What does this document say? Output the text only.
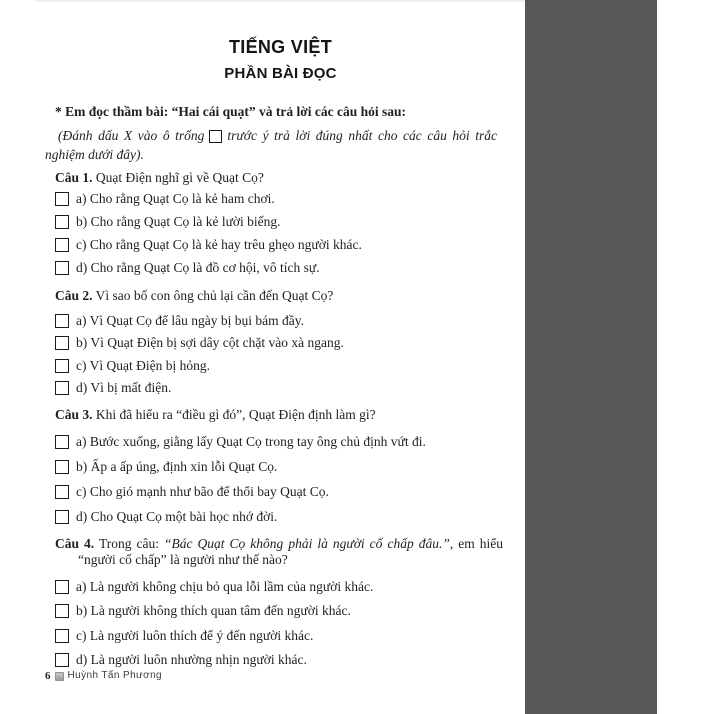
TIẾNG VIỆT
PHẦN BÀI ĐỌC
* Em đọc thầm bài: “Hai cái quạt” và trả lời các câu hỏi sau:
(Đánh dấu X vào ô trống trước ý trả lời đúng nhất cho các câu hỏi trắc nghiệm dưới đây).
Câu 1. Quạt Điện nghĩ gì về Quạt Cọ?
a) Cho rằng Quạt Cọ là kẻ ham chơi.
b) Cho rằng Quạt Cọ là kẻ lười biếng.
c) Cho rằng Quạt Cọ là kẻ hay trêu ghẹo người khác.
d) Cho rằng Quạt Cọ là đồ cơ hội, vô tích sự.
Câu 2. Vì sao bố con ông chủ lại cần đến Quạt Cọ?
a) Vì Quạt Cọ để lâu ngày bị bụi bám đầy.
b) Vì Quạt Điện bị sợi dây cột chặt vào xà ngang.
c) Vì Quạt Điện bị hỏng.
d) Vì bị mất điện.
Câu 3. Khi đã hiểu ra “điều gì đó”, Quạt Điện định làm gì?
a) Bước xuống, giằng lấy Quạt Cọ trong tay ông chủ định vứt đi.
b) Ấp a ấp úng, định xin lỗi Quạt Cọ.
c) Cho gió mạnh như bão để thổi bay Quạt Cọ.
d) Cho Quạt Cọ một bài học nhớ đời.
Câu 4. Trong câu: “Bác Quạt Cọ không phải là người cố chấp đâu.”, em hiểu “người cố chấp” là người như thế nào?
a) Là người không chịu bỏ qua lỗi lầm của người khác.
b) Là người không thích quan tâm đến người khác.
c) Là người luôn thích để ý đến người khác.
d) Là người luôn nhường nhịn người khác.
6 Huỳnh Tấn Phương
